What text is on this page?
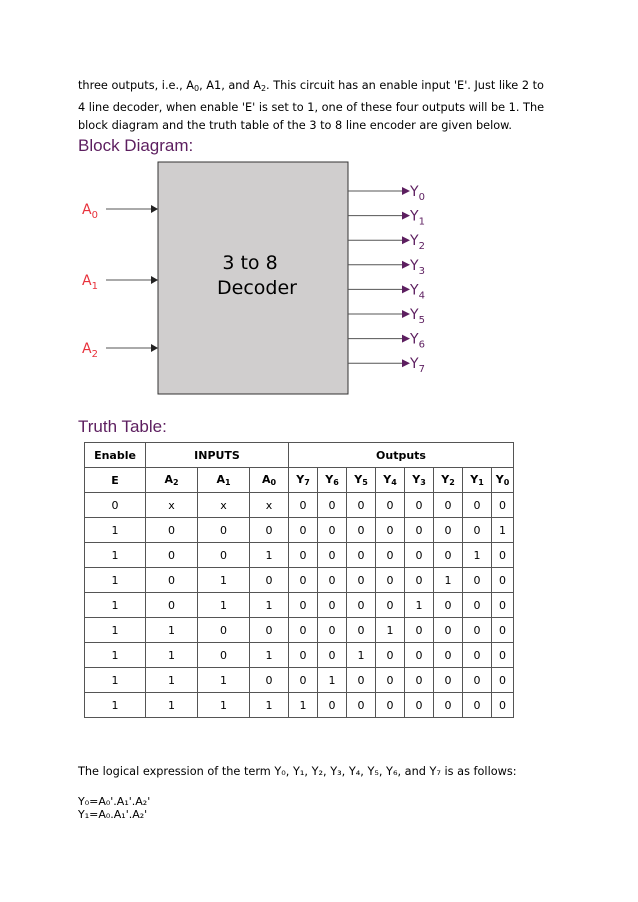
three outputs, i.e., $A_0$, A1, and $A_2$. This circuit has an enable input 'E'. Just like 2 to
4 line decoder, when enable 'E' is set to 1, one of these four outputs will be 1. The
block diagram and the truth table of the 3 to 8 line encoder are given below.
Block Diagram:
3 to 8
Decoder
$A_0$
$A_1$
$A_2$
$Y_0$
$Y_1$
$Y_2$
$Y_3$
$Y_4$
$Y_5$
$Y_6$
$Y_7$
Truth Table:
Enable	INPUTS			Outputs							
E	$A_2$	$A_1$	$A_0$	$Y_7$	$Y_6$	$Y_5$	$Y_4$	$Y_3$	$Y_2$	$Y_1$	$Y_0$
0	x	x	x	0	0	0	0	0	0	0	0
1	0	0	0	0	0	0	0	0	0	0	1
1	0	0	1	0	0	0	0	0	0	1	0
1	0	1	0	0	0	0	0	0	1	0	0
1	0	1	1	0	0	0	0	1	0	0	0
1	1	0	0	0	0	0	1	0	0	0	0
1	1	0	1	0	0	1	0	0	0	0	0
1	1	1	0	0	1	0	0	0	0	0	0
1	1	1	1	1	0	0	0	0	0	0	0
The logical expression of the term Y₀, Y₁, Y₂, Y₃, Y₄, Y₅, Y₆, and Y₇ is as follows:
Y₀=A₀'.A₁'.A₂'
Y₁=A₀.A₁'.A₂'
